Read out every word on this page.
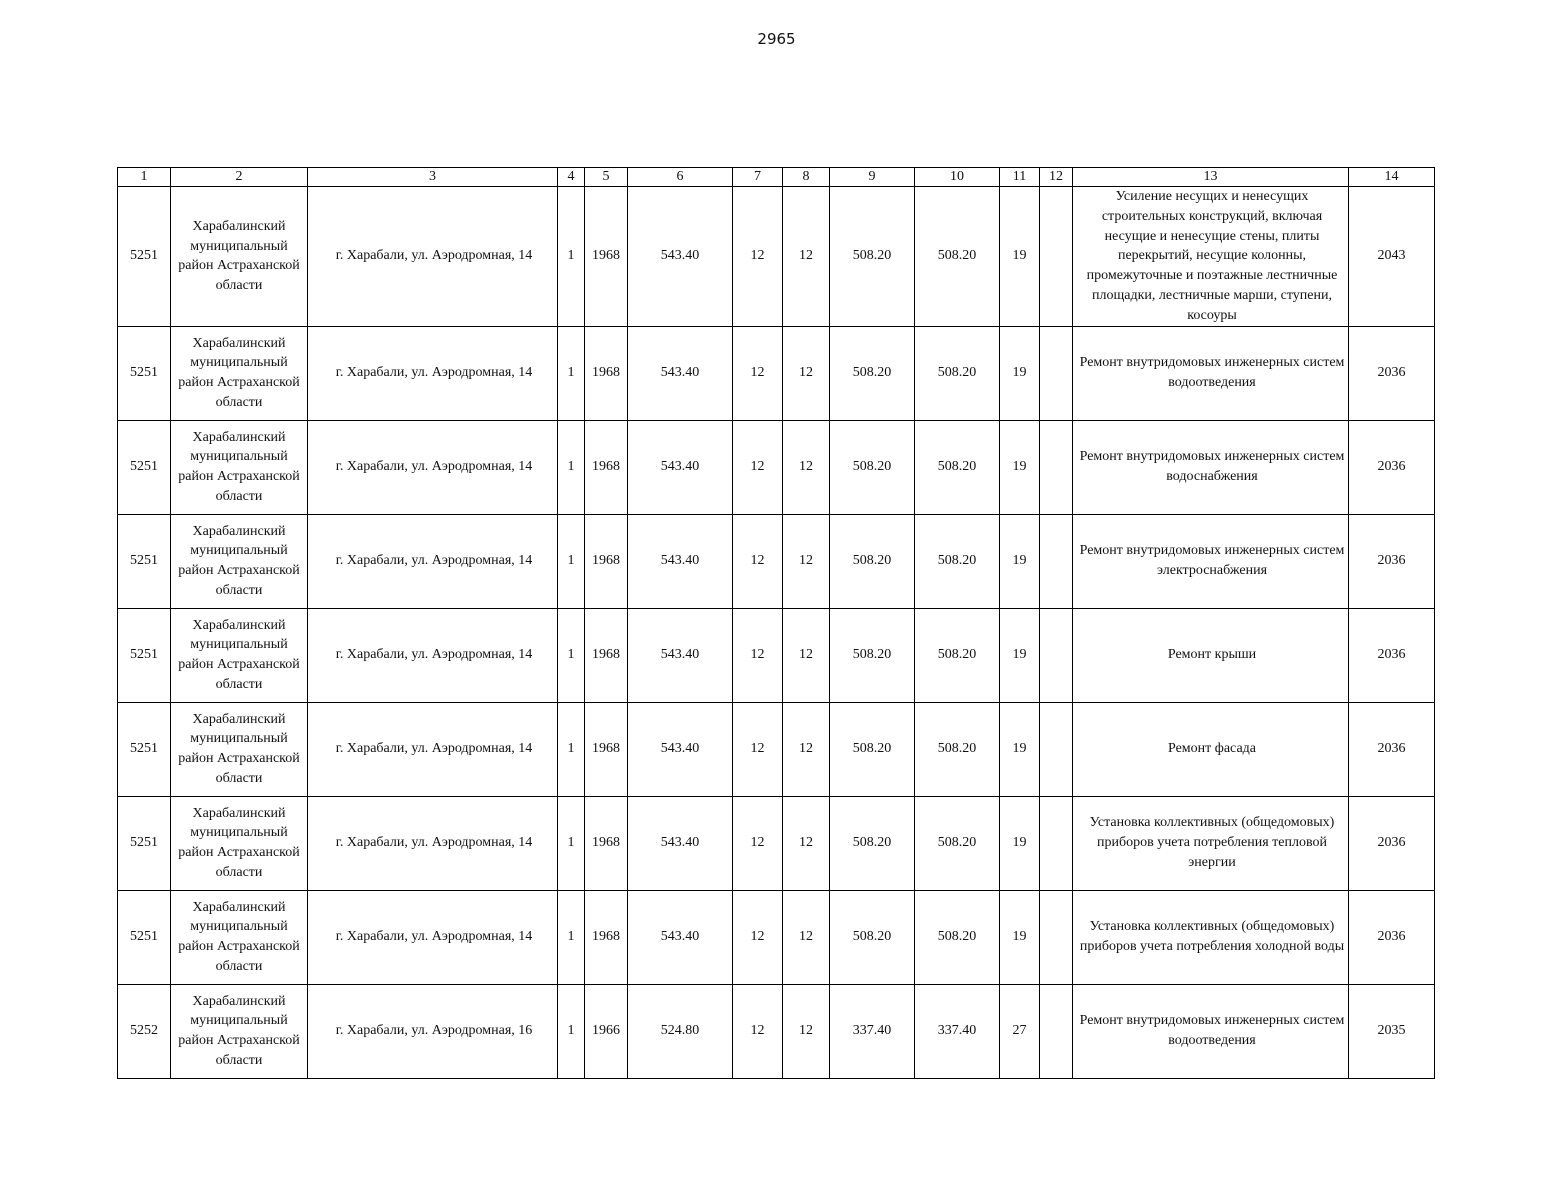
2965
1	2	3	4	5	6	7	8	9	10	11	12	13	14
5251	Харабалинский муниципальный район Астраханской области	г. Харабали, ул. Аэродромная, 14	1	1968	543.40	12	12	508.20	508.20	19		Усиление несущих и ненесущих строительных конструкций, включая несущие и ненесущие стены, плиты перекрытий, несущие колонны, промежуточные и поэтажные лестничные площадки, лестничные марши, ступени, косоуры	2043
5251	Харабалинский муниципальный район Астраханской области	г. Харабали, ул. Аэродромная, 14	1	1968	543.40	12	12	508.20	508.20	19		Ремонт внутридомовых инженерных систем водоотведения	2036
5251	Харабалинский муниципальный район Астраханской области	г. Харабали, ул. Аэродромная, 14	1	1968	543.40	12	12	508.20	508.20	19		Ремонт внутридомовых инженерных систем водоснабжения	2036
5251	Харабалинский муниципальный район Астраханской области	г. Харабали, ул. Аэродромная, 14	1	1968	543.40	12	12	508.20	508.20	19		Ремонт внутридомовых инженерных систем электроснабжения	2036
5251	Харабалинский муниципальный район Астраханской области	г. Харабали, ул. Аэродромная, 14	1	1968	543.40	12	12	508.20	508.20	19		Ремонт крыши	2036
5251	Харабалинский муниципальный район Астраханской области	г. Харабали, ул. Аэродромная, 14	1	1968	543.40	12	12	508.20	508.20	19		Ремонт фасада	2036
5251	Харабалинский муниципальный район Астраханской области	г. Харабали, ул. Аэродромная, 14	1	1968	543.40	12	12	508.20	508.20	19		Установка коллективных (общедомовых) приборов учета потребления тепловой энергии	2036
5251	Харабалинский муниципальный район Астраханской области	г. Харабали, ул. Аэродромная, 14	1	1968	543.40	12	12	508.20	508.20	19		Установка коллективных (общедомовых) приборов учета потребления холодной воды	2036
5252	Харабалинский муниципальный район Астраханской области	г. Харабали, ул. Аэродромная, 16	1	1966	524.80	12	12	337.40	337.40	27		Ремонт внутридомовых инженерных систем водоотведения	2035
